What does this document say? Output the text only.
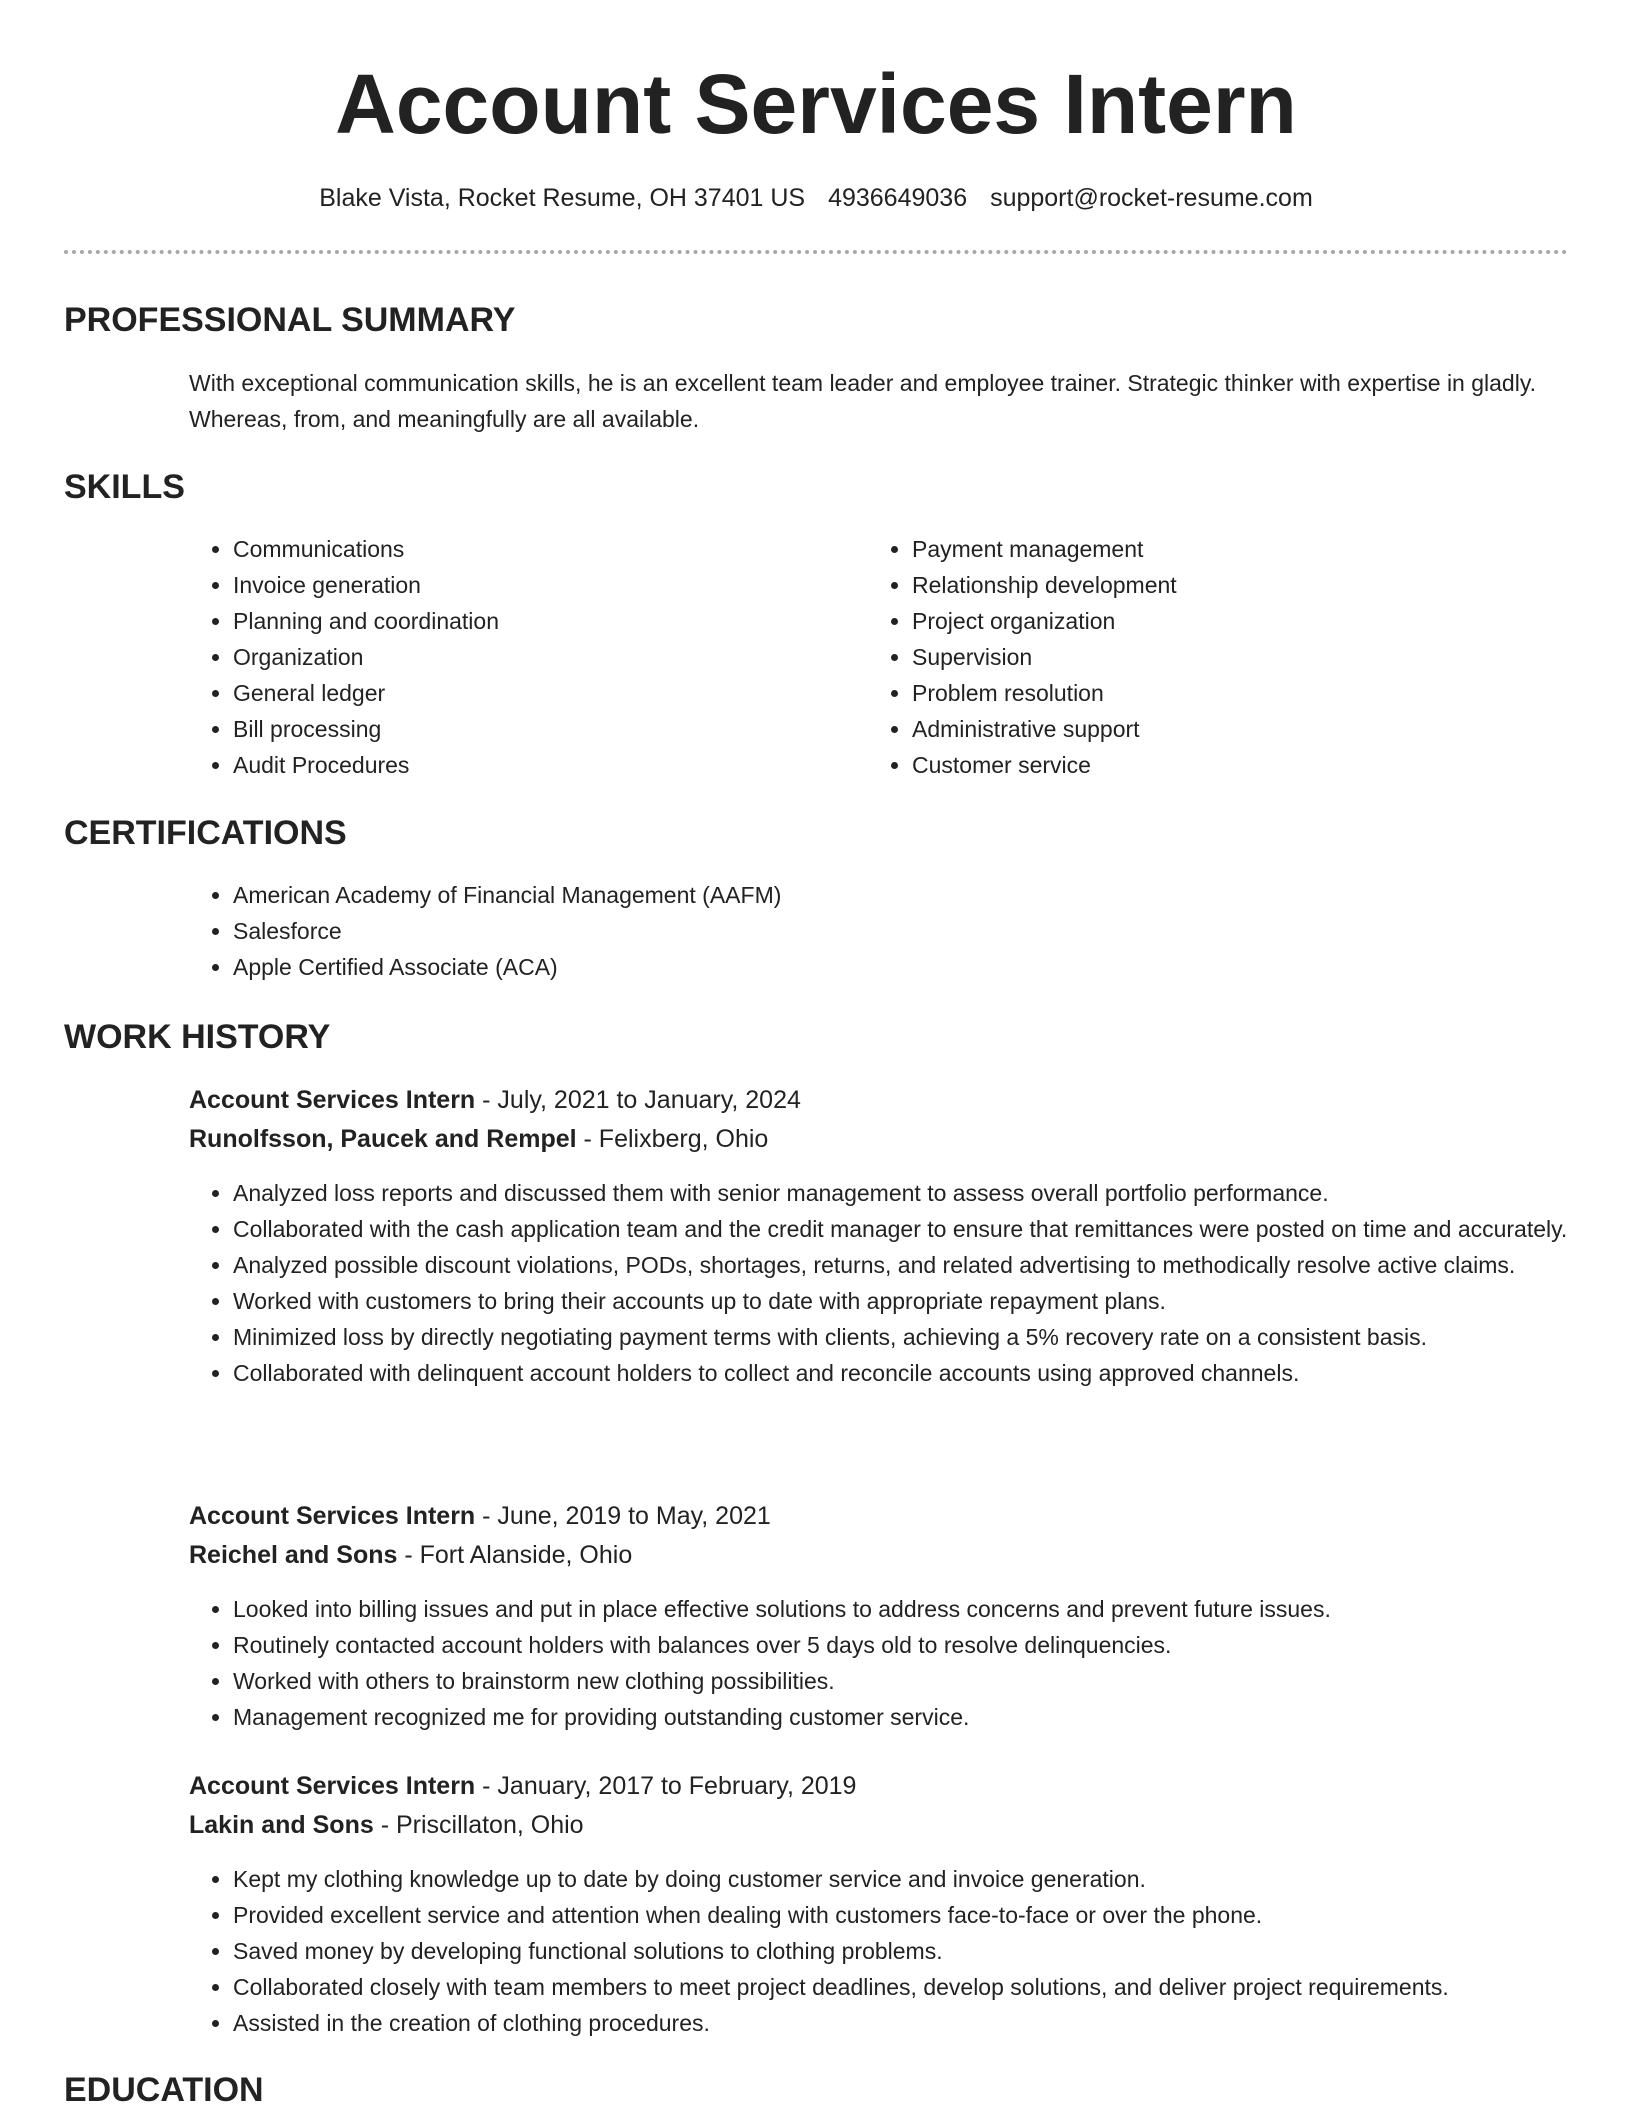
Account Services Intern
Blake Vista, Rocket Resume, OH 37401 US 4936649036 support@rocket-resume.com
PROFESSIONAL SUMMARY
With exceptional communication skills, he is an excellent team leader and employee trainer. Strategic thinker with expertise in gladly. Whereas, from, and meaningfully are all available.
SKILLS
• Communications
• Invoice generation
• Planning and coordination
• Organization
• General ledger
• Bill processing
• Audit Procedures
• Payment management
• Relationship development
• Project organization
• Supervision
• Problem resolution
• Administrative support
• Customer service
CERTIFICATIONS
• American Academy of Financial Management (AAFM)
• Salesforce
• Apple Certified Associate (ACA)
WORK HISTORY
Account Services Intern - July, 2021 to January, 2024
Runolfsson, Paucek and Rempel - Felixberg, Ohio
• Analyzed loss reports and discussed them with senior management to assess overall portfolio performance.
• Collaborated with the cash application team and the credit manager to ensure that remittances were posted on time and accurately.
• Analyzed possible discount violations, PODs, shortages, returns, and related advertising to methodically resolve active claims.
• Worked with customers to bring their accounts up to date with appropriate repayment plans.
• Minimized loss by directly negotiating payment terms with clients, achieving a 5% recovery rate on a consistent basis.
• Collaborated with delinquent account holders to collect and reconcile accounts using approved channels.
Account Services Intern - June, 2019 to May, 2021
Reichel and Sons - Fort Alanside, Ohio
• Looked into billing issues and put in place effective solutions to address concerns and prevent future issues.
• Routinely contacted account holders with balances over 5 days old to resolve delinquencies.
• Worked with others to brainstorm new clothing possibilities.
• Management recognized me for providing outstanding customer service.
Account Services Intern - January, 2017 to February, 2019
Lakin and Sons - Priscillaton, Ohio
• Kept my clothing knowledge up to date by doing customer service and invoice generation.
• Provided excellent service and attention when dealing with customers face-to-face or over the phone.
• Saved money by developing functional solutions to clothing problems.
• Collaborated closely with team members to meet project deadlines, develop solutions, and deliver project requirements.
• Assisted in the creation of clothing procedures.
EDUCATION
